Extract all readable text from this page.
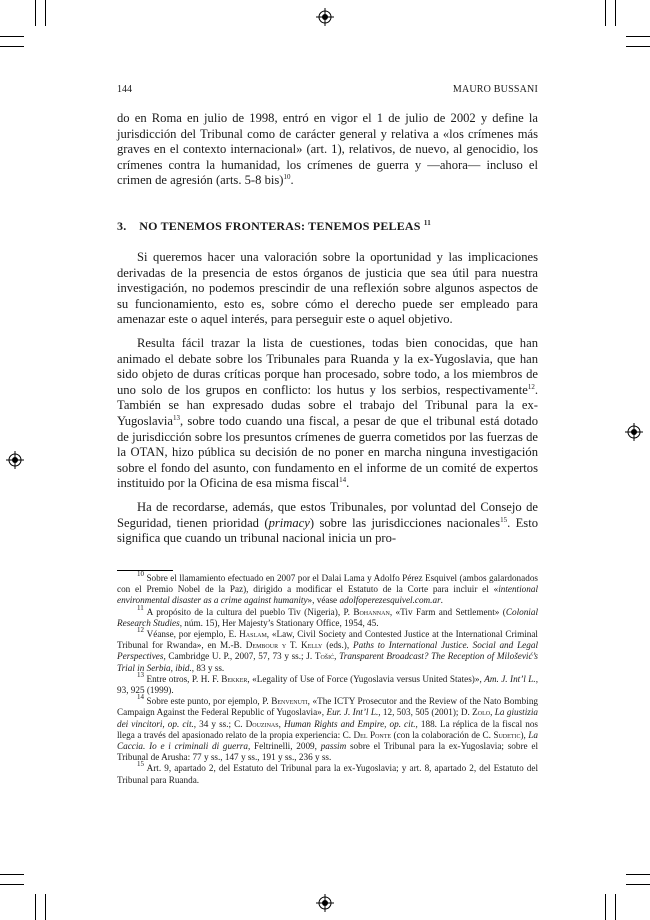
144	MAURO BUSSANI

do en Roma en julio de 1998, entró en vigor el 1 de julio de 2002 y define la jurisdicción del Tribunal como de carácter general y relativa a «los crímenes más graves en el contexto internacional» (art. 1), relativos, de nuevo, al genocidio, los crímenes contra la humanidad, los crímenes de guerra y —ahora— incluso el crimen de agresión (arts. 5-8 bis)$^{10}$.

3.    NO TENEMOS FRONTERAS: TENEMOS PELEAS $^{11}$

Si queremos hacer una valoración sobre la oportunidad y las implicaciones derivadas de la presencia de estos órganos de justicia que sea útil para nuestra investigación, no podemos prescindir de una reflexión sobre algunos aspectos de su funcionamiento, esto es, sobre cómo el derecho puede ser empleado para amenazar este o aquel interés, para perseguir este o aquel objetivo.

Resulta fácil trazar la lista de cuestiones, todas bien conocidas, que han animado el debate sobre los Tribunales para Ruanda y la ex-Yugoslavia, que han sido objeto de duras críticas porque han procesado, sobre todo, a los miembros de uno solo de los grupos en conflicto: los hutus y los serbios, respectivamente$^{12}$. También se han expresado dudas sobre el trabajo del Tribunal para la ex-Yugoslavia$^{13}$, sobre todo cuando una fiscal, a pesar de que el tribunal está dotado de jurisdicción sobre los presuntos crímenes de guerra cometidos por las fuerzas de la OTAN, hizo pública su decisión de no poner en marcha ninguna investigación sobre el fondo del asunto, con fundamento en el informe de un comité de expertos instituido por la Oficina de esa misma fiscal$^{14}$.

Ha de recordarse, además, que estos Tribunales, por voluntad del Consejo de Seguridad, tienen prioridad (primacy) sobre las jurisdicciones nacionales$^{15}$. Esto significa que cuando un tribunal nacional inicia un pro-

$^{10}$ Sobre el llamamiento efectuado en 2007 por el Dalai Lama y Adolfo Pérez Esquivel (ambos galardonados con el Premio Nobel de la Paz), dirigido a modificar el Estatuto de la Corte para incluir el «intentional environmental disaster as a crime against humanity», véase adolfoperezesquivel.com.ar.

$^{11}$ A propósito de la cultura del pueblo Tiv (Nigeria), P. Bohannan, «Tiv Farm and Settlement» (Colonial Research Studies, núm. 15), Her Majesty’s Stationary Office, 1954, 45.

$^{12}$ Véanse, por ejemplo, E. Haslam, «Law, Civil Society and Contested Justice at the International Criminal Tribunal for Rwanda», en M.-B. Dembour y T. Kelly (eds.), Paths to International Justice. Social and Legal Perspectives, Cambridge U. P., 2007, 57, 73 y ss.; J. Tošić, Transparent Broadcast? The Reception of Milošević’s Trial in Serbia, ibid., 83 y ss.

$^{13}$ Entre otros, P. H. F. Bekker, «Legality of Use of Force (Yugoslavia versus United States)», Am. J. Int’l L., 93, 925 (1999).

$^{14}$ Sobre este punto, por ejemplo, P. Benvenuti, «The ICTY Prosecutor and the Review of the Nato Bombing Campaign Against the Federal Republic of Yugoslavia», Eur. J. Int’l L., 12, 503, 505 (2001); D. Zolo, La giustizia dei vincitori, op. cit., 34 y ss.; C. Douzinas, Human Rights and Empire, op. cit., 188. La réplica de la fiscal nos llega a través del apasionado relato de la propia experiencia: C. Del Ponte (con la colaboración de C. Sudetic), La Caccia. Io e i criminali di guerra, Feltrinelli, 2009, passim sobre el Tribunal para la ex-Yugoslavia; sobre el Tribunal de Arusha: 77 y ss., 147 y ss., 191 y ss., 236 y ss.

$^{15}$ Art. 9, apartado 2, del Estatuto del Tribunal para la ex-Yugoslavia; y art. 8, apartado 2, del Estatuto del Tribunal para Ruanda.
